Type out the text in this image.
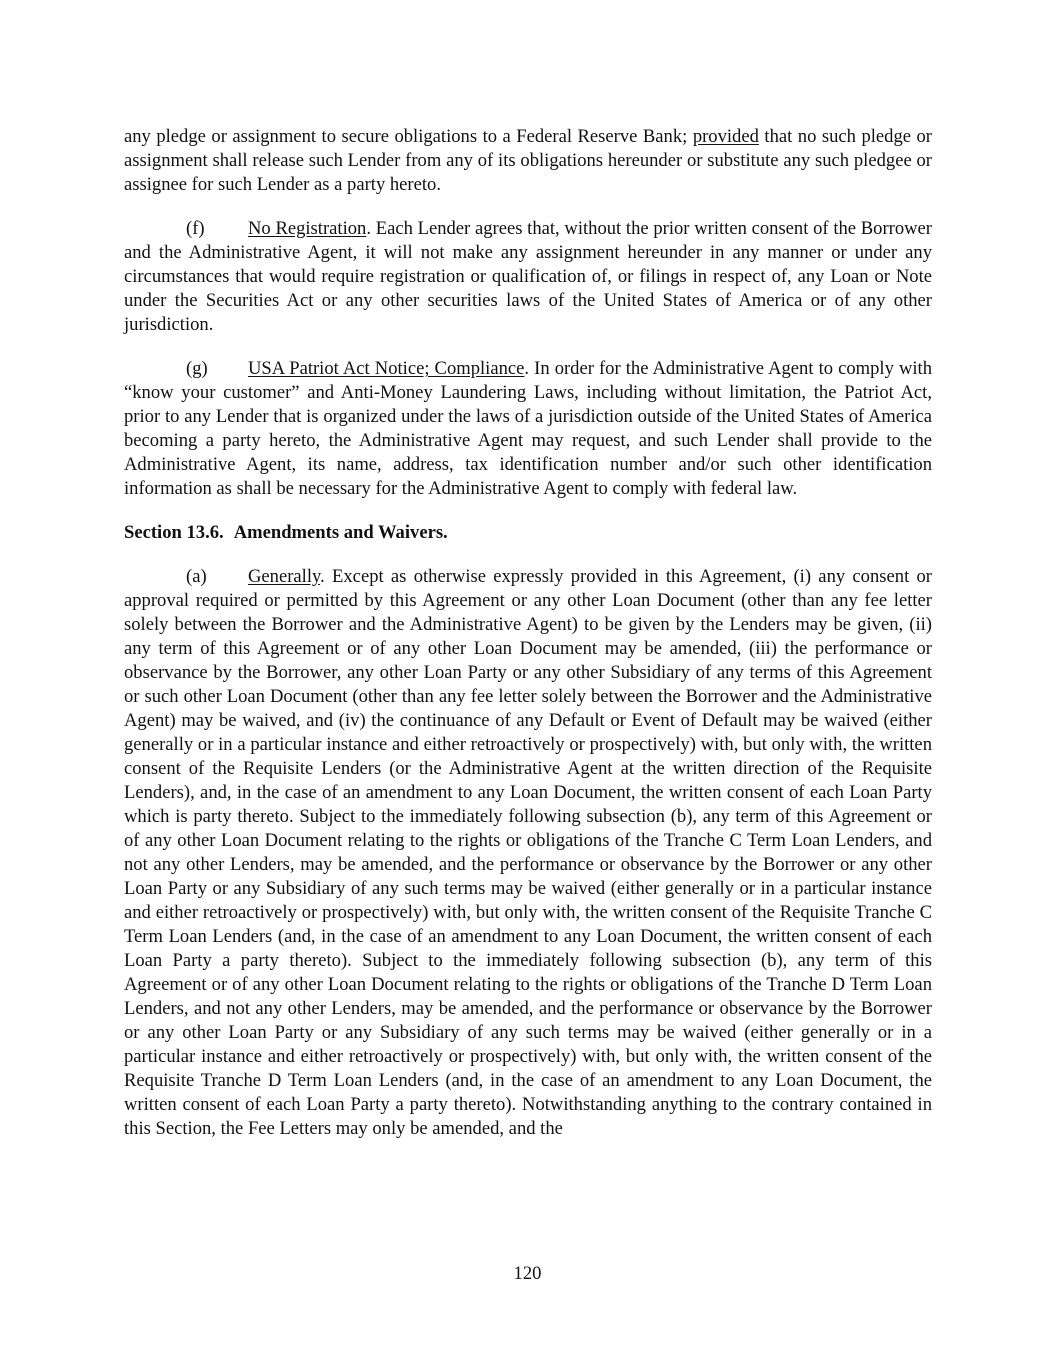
any pledge or assignment to secure obligations to a Federal Reserve Bank; provided that no such pledge or assignment shall release such Lender from any of its obligations hereunder or substitute any such pledgee or assignee for such Lender as a party hereto.

(f) No Registration. Each Lender agrees that, without the prior written consent of the Borrower and the Administrative Agent, it will not make any assignment hereunder in any manner or under any circumstances that would require registration or qualification of, or filings in respect of, any Loan or Note under the Securities Act or any other securities laws of the United States of America or of any other jurisdiction.

(g) USA Patriot Act Notice; Compliance. In order for the Administrative Agent to comply with “know your customer” and Anti-Money Laundering Laws, including without limitation, the Patriot Act, prior to any Lender that is organized under the laws of a jurisdiction outside of the United States of America becoming a party hereto, the Administrative Agent may request, and such Lender shall provide to the Administrative Agent, its name, address, tax identification number and/or such other identification information as shall be necessary for the Administrative Agent to comply with federal law.

Section 13.6. Amendments and Waivers.

(a) Generally. Except as otherwise expressly provided in this Agreement, (i) any consent or approval required or permitted by this Agreement or any other Loan Document (other than any fee letter solely between the Borrower and the Administrative Agent) to be given by the Lenders may be given, (ii) any term of this Agreement or of any other Loan Document may be amended, (iii) the performance or observance by the Borrower, any other Loan Party or any other Subsidiary of any terms of this Agreement or such other Loan Document (other than any fee letter solely between the Borrower and the Administrative Agent) may be waived, and (iv) the continuance of any Default or Event of Default may be waived (either generally or in a particular instance and either retroactively or prospectively) with, but only with, the written consent of the Requisite Lenders (or the Administrative Agent at the written direction of the Requisite Lenders), and, in the case of an amendment to any Loan Document, the written consent of each Loan Party which is party thereto. Subject to the immediately following subsection (b), any term of this Agreement or of any other Loan Document relating to the rights or obligations of the Tranche C Term Loan Lenders, and not any other Lenders, may be amended, and the performance or observance by the Borrower or any other Loan Party or any Subsidiary of any such terms may be waived (either generally or in a particular instance and either retroactively or prospectively) with, but only with, the written consent of the Requisite Tranche C Term Loan Lenders (and, in the case of an amendment to any Loan Document, the written consent of each Loan Party a party thereto). Subject to the immediately following subsection (b), any term of this Agreement or of any other Loan Document relating to the rights or obligations of the Tranche D Term Loan Lenders, and not any other Lenders, may be amended, and the performance or observance by the Borrower or any other Loan Party or any Subsidiary of any such terms may be waived (either generally or in a particular instance and either retroactively or prospectively) with, but only with, the written consent of the Requisite Tranche D Term Loan Lenders (and, in the case of an amendment to any Loan Document, the written consent of each Loan Party a party thereto). Notwithstanding anything to the contrary contained in this Section, the Fee Letters may only be amended, and the

120
